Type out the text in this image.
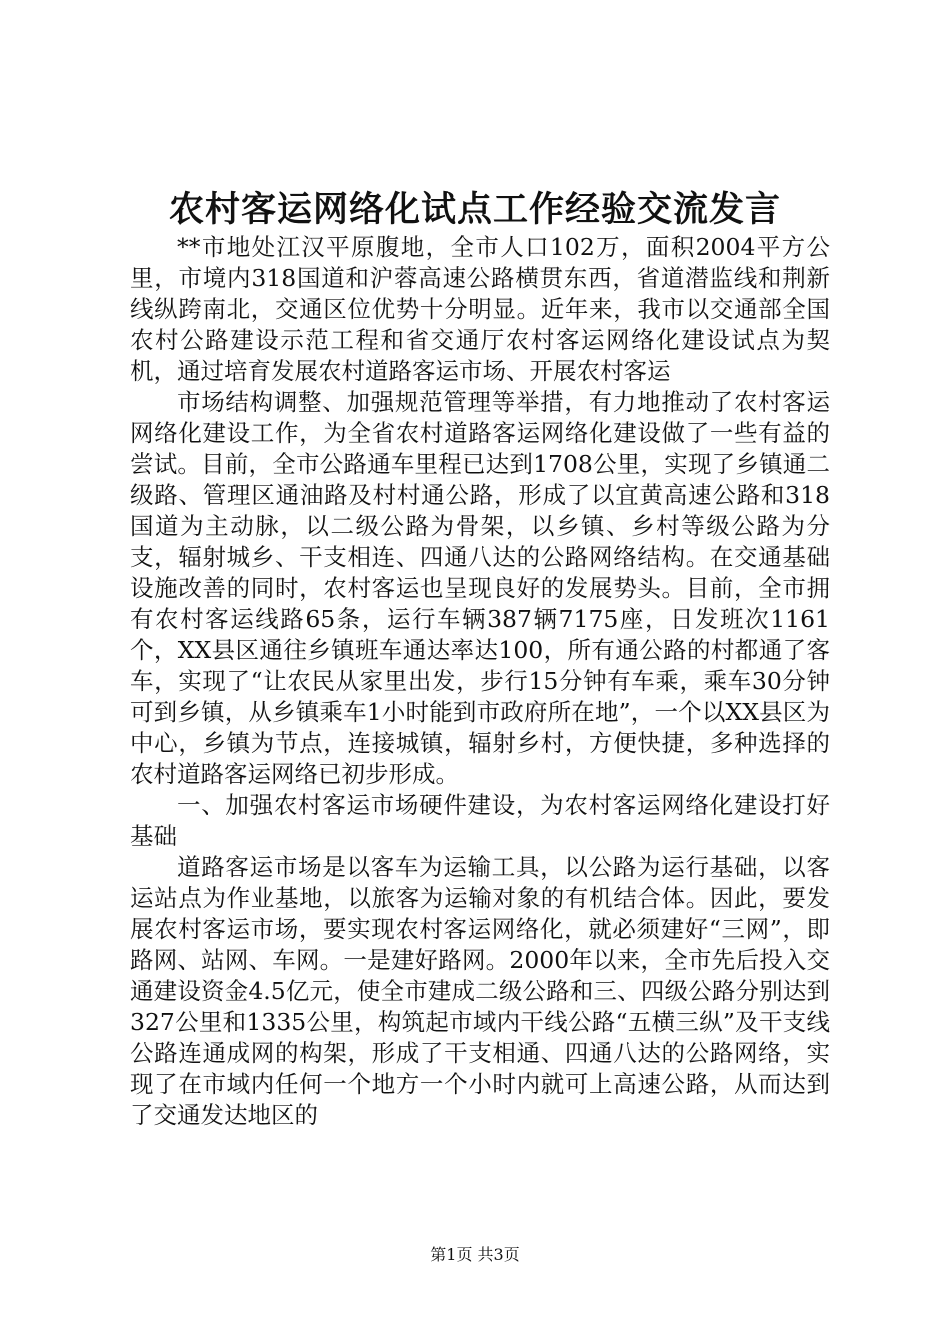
农村客运网络化试点工作经验交流发言

**市地处江汉平原腹地，全市人口102万，面积2004平方公里，市境内318国道和沪蓉高速公路横贯东西，省道潜监线和荆新线纵跨南北，交通区位优势十分明显。近年来，我市以交通部全国农村公路建设示范工程和省交通厅农村客运网络化建设试点为契机，通过培育发展农村道路客运市场、开展农村客运

市场结构调整、加强规范管理等举措，有力地推动了农村客运网络化建设工作，为全省农村道路客运网络化建设做了一些有益的尝试。目前，全市公路通车里程已达到1708公里，实现了乡镇通二级路、管理区通油路及村村通公路，形成了以宜黄高速公路和318国道为主动脉，以二级公路为骨架，以乡镇、乡村等级公路为分支，辐射城乡、干支相连、四通八达的公路网络结构。在交通基础设施改善的同时，农村客运也呈现良好的发展势头。目前，全市拥有农村客运线路65条，运行车辆387辆7175座，日发班次1161个，XX县区通往乡镇班车通达率达100，所有通公路的村都通了客车，实现了“让农民从家里出发，步行15分钟有车乘，乘车30分钟可到乡镇，从乡镇乘车1小时能到市政府所在地”，一个以XX县区为中心，乡镇为节点，连接城镇，辐射乡村，方便快捷，多种选择的农村道路客运网络已初步形成。

一、加强农村客运市场硬件建设，为农村客运网络化建设打好基础

道路客运市场是以客车为运输工具，以公路为运行基础，以客运站点为作业基地，以旅客为运输对象的有机结合体。因此，要发展农村客运市场，要实现农村客运网络化，就必须建好“三网”，即路网、站网、车网。一是建好路网。2000年以来，全市先后投入交通建设资金4.5亿元，使全市建成二级公路和三、四级公路分别达到327公里和1335公里，构筑起市域内干线公路“五横三纵”及干支线公路连通成网的构架，形成了干支相通、四通八达的公路网络，实现了在市域内任何一个地方一个小时内就可上高速公路，从而达到了交通发达地区的

第1页 共3页
